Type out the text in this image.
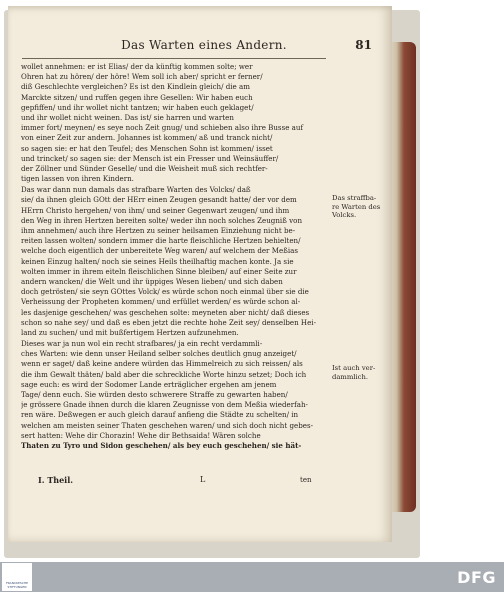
Das Warten eines Andern.	81
wollet annehmen: er ist Elias/ der da künftig kommen solte; wer
Ohren hat zu hören/ der höre! Wem soll ich aber/ spricht er ferner/
diß Geschlechte vergleichen? Es ist den Kindlein gleich/ die am
Marckte sitzen/ und ruffen gegen ihre Gesellen: Wir haben euch
gepfiffen/ und ihr wollet nicht tantzen; wir haben euch geklaget/
und ihr wollet nicht weinen. Das ist/ sie harren und warten
immer fort/ meynen/ es seye noch Zeit gnug/ und schieben also ihre Busse auf
von einer Zeit zur andern. Johannes ist kommen/ aß und tranck nicht/
so sagen sie: er hat den Teufel; des Menschen Sohn ist kommen/ isset
und trincket/ so sagen sie: der Mensch ist ein Fresser und Weinsäuffer/
der Zöllner und Sünder Geselle/ und die Weisheit muß sich rechtfer-
tigen lassen von ihren Kindern.
Das war dann nun damals das strafbare Warten des Volcks/ daß
sie/ da ihnen gleich GOtt der HErr einen Zeugen gesandt hatte/ der vor dem
HErrn Christo hergehen/ von ihm/ und seiner Gegenwart zeugen/ und ihm
den Weg in ihren Hertzen bereiten solte/ weder ihn noch solches Zeugniß von
ihm annehmen/ auch ihre Hertzen zu seiner heilsamen Einziehung nicht be-
reiten lassen wolten/ sondern immer die harte fleischliche Hertzen behielten/
welche doch eigentlich der unbereitete Weg waren/ auf welchem der Meßias
keinen Einzug halten/ noch sie seines Heils theilhaftig machen konte. Ja sie
wolten immer in ihrem eiteln fleischlichen Sinne bleiben/ auf einer Seite zur
andern wancken/ die Welt und ihr üppiges Wesen lieben/ und sich daben
doch getrösten/ sie seyn GOttes Volck/ es würde schon noch einmal über sie die
Verheissung der Propheten kommen/ und erfüllet werden/ es würde schon al-
les dasjenige geschehen/ was geschehen solte: meyneten aber nicht/ daß dieses
schon so nahe sey/ und daß es eben jetzt die rechte hohe Zeit sey/ denselben Hei-
land zu suchen/ und mit bußfertigem Hertzen aufzunehmen.
Dieses war ja nun wol ein recht strafbares/ ja ein recht verdammli-
ches Warten: wie denn unser Heiland selber solches deutlich gnug anzeiget/
wenn er saget/ daß keine andere würden das Himmelreich zu sich reissen/ als
die ihm Gewalt thäten/ bald aber die schreckliche Worte hinzu setzet; Doch ich
sage euch: es wird der Sodomer Lande erträglicher ergehen am jenem
Tage/ denn euch. Sie würden desto schwerere Straffe zu gewarten haben/
je grössere Gnade ihnen durch die klaren Zeugnisse von dem Meßia wiederfah-
ren wäre. Deßwegen er auch gleich darauf anfieng die Städte zu schelten/ in
welchen am meisten seiner Thaten geschehen waren/ und sich doch nicht gebes-
sert hatten: Wehe dir Chorazin! Wehe dir Bethsaida! Wären solche
Thaten zu Tyro und Sidon geschehen/ als bey euch geschehen/ sie hät-
Das straffba-
re Warten des
Volcks.
Ist auch ver-
dammlich.
I. Theil.	L	ten
FRANCKESCHE
STIFTUNGEN	DFG
